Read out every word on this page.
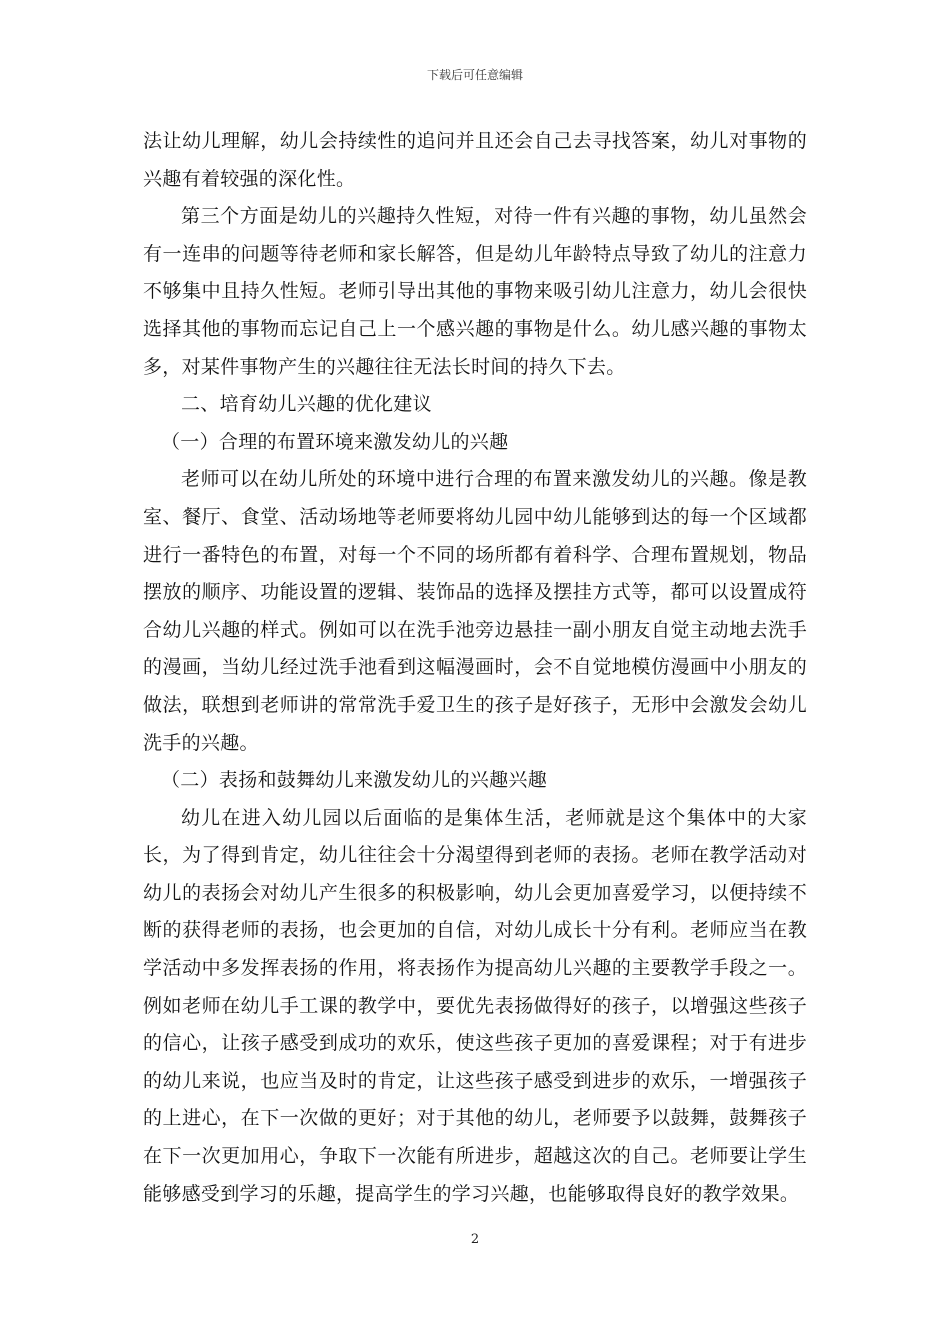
下载后可任意编辑

法让幼儿理解，幼儿会持续性的追问并且还会自己去寻找答案，幼儿对事物的兴趣有着较强的深化性。

第三个方面是幼儿的兴趣持久性短，对待一件有兴趣的事物，幼儿虽然会有一连串的问题等待老师和家长解答，但是幼儿年龄特点导致了幼儿的注意力不够集中且持久性短。老师引导出其他的事物来吸引幼儿注意力，幼儿会很快选择其他的事物而忘记自己上一个感兴趣的事物是什么。幼儿感兴趣的事物太多，对某件事物产生的兴趣往往无法长时间的持久下去。

二、培育幼儿兴趣的优化建议

（一）合理的布置环境来激发幼儿的兴趣

老师可以在幼儿所处的环境中进行合理的布置来激发幼儿的兴趣。像是教室、餐厅、食堂、活动场地等老师要将幼儿园中幼儿能够到达的每一个区域都进行一番特色的布置，对每一个不同的场所都有着科学、合理布置规划，物品摆放的顺序、功能设置的逻辑、装饰品的选择及摆挂方式等，都可以设置成符合幼儿兴趣的样式。例如可以在洗手池旁边悬挂一副小朋友自觉主动地去洗手的漫画，当幼儿经过洗手池看到这幅漫画时，会不自觉地模仿漫画中小朋友的做法，联想到老师讲的常常洗手爱卫生的孩子是好孩子，无形中会激发会幼儿洗手的兴趣。

（二）表扬和鼓舞幼儿来激发幼儿的兴趣兴趣

幼儿在进入幼儿园以后面临的是集体生活，老师就是这个集体中的大家长，为了得到肯定，幼儿往往会十分渴望得到老师的表扬。老师在教学活动对幼儿的表扬会对幼儿产生很多的积极影响，幼儿会更加喜爱学习，以便持续不断的获得老师的表扬，也会更加的自信，对幼儿成长十分有利。老师应当在教学活动中多发挥表扬的作用，将表扬作为提高幼儿兴趣的主要教学手段之一。例如老师在幼儿手工课的教学中，要优先表扬做得好的孩子，以增强这些孩子的信心，让孩子感受到成功的欢乐，使这些孩子更加的喜爱课程；对于有进步的幼儿来说，也应当及时的肯定，让这些孩子感受到进步的欢乐，一增强孩子的上进心，在下一次做的更好；对于其他的幼儿，老师要予以鼓舞，鼓舞孩子在下一次更加用心，争取下一次能有所进步，超越这次的自己。老师要让学生能够感受到学习的乐趣，提高学生的学习兴趣，也能够取得良好的教学效果。

2
